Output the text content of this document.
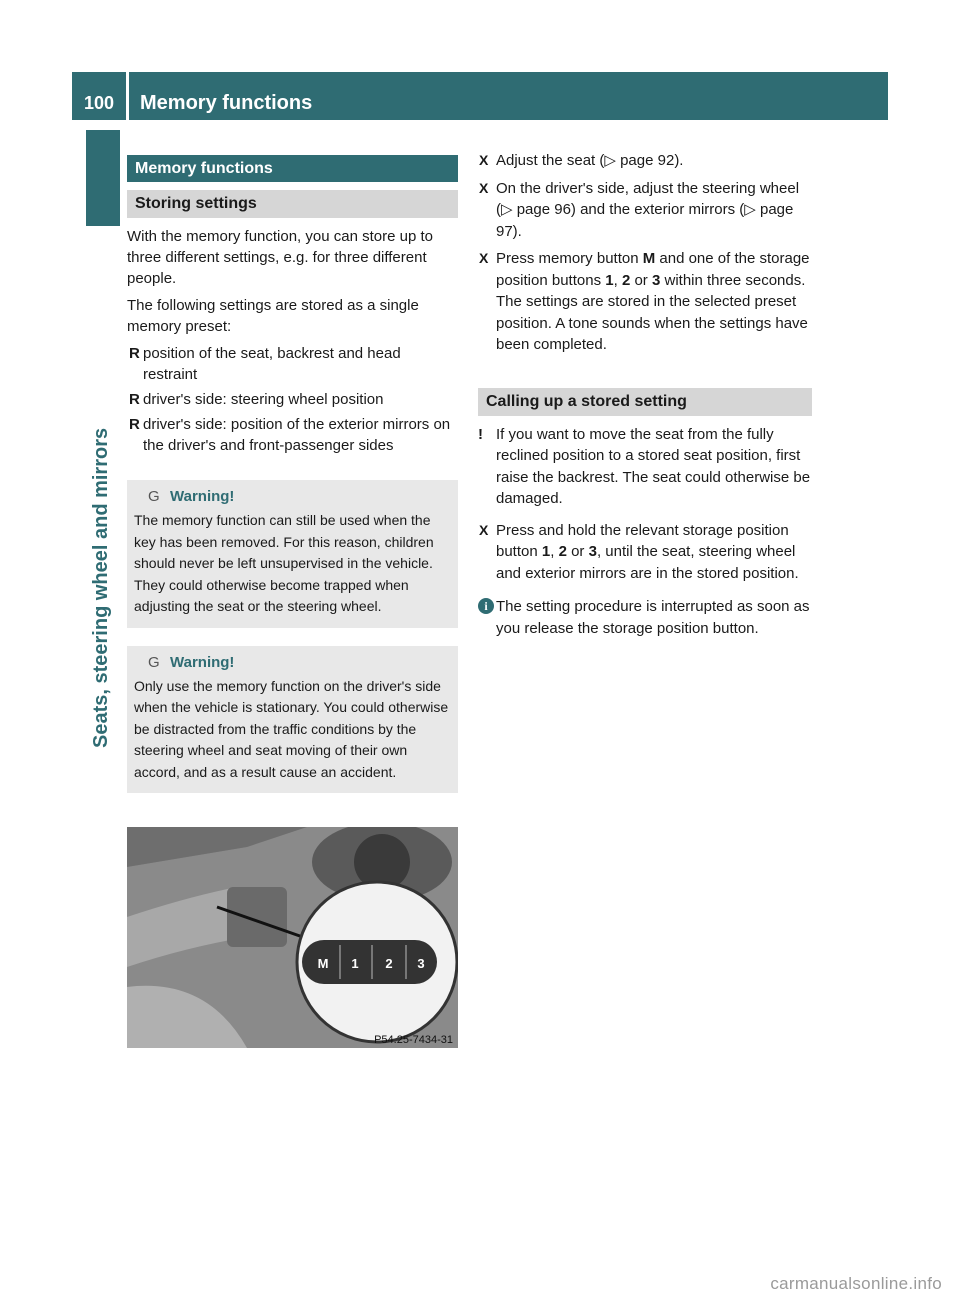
100	Memory functions
Seats, steering wheel and mirrors
Memory functions
Storing settings

With the memory function, you can store up to three different settings, e.g. for three different people.

The following settings are stored as a single memory preset:

R position of the seat, backrest and head restraint
R driver's side: steering wheel position
R driver's side: position of the exterior mirrors on the driver's and front-passenger sides
G Warning!
The memory function can still be used when the key has been removed. For this reason, children should never be left unsupervised in the vehicle. They could otherwise become trapped when adjusting the seat or the steering wheel.
G Warning!
Only use the memory function on the driver's side when the vehicle is stationary. You could otherwise be distracted from the traffic conditions by the steering wheel and seat moving of their own accord, and as a result cause an accident.
M 1 2 3
P54.25-7434-31
X Adjust the seat (▷ page 92).
X On the driver's side, adjust the steering wheel (▷ page 96) and the exterior mirrors (▷ page 97).
X Press memory button M and one of the storage position buttons 1, 2 or 3 within three seconds.
The settings are stored in the selected preset position. A tone sounds when the settings have been completed.
Calling up a stored setting
! If you want to move the seat from the fully reclined position to a stored seat position, first raise the backrest. The seat could otherwise be damaged.
X Press and hold the relevant storage position button 1, 2 or 3, until the seat, steering wheel and exterior mirrors are in the stored position.
i The setting procedure is interrupted as soon as you release the storage position button.
carmanualsonline.info
